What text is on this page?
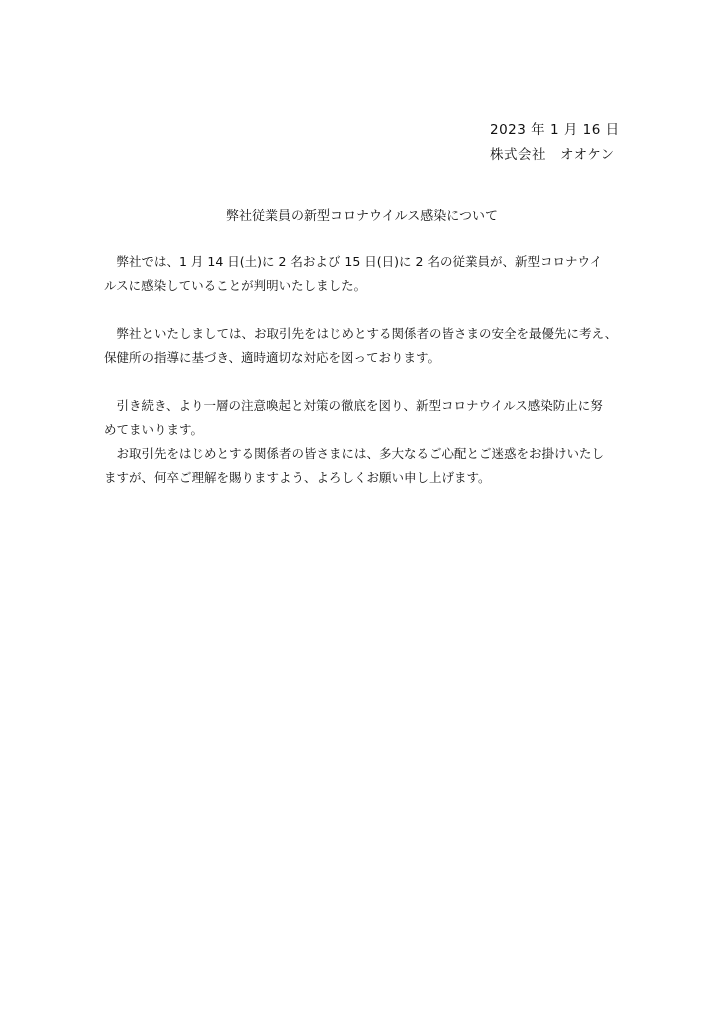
2023 年 1 月 16 日
株式会社　オオケン
弊社従業員の新型コロナウイルス感染について

　弊社では、1 月 14 日(土)に 2 名および 15 日(日)に 2 名の従業員が、新型コロナウイ
ルスに感染していることが判明いたしました。

　弊社といたしましては、お取引先をはじめとする関係者の皆さまの安全を最優先に考え、
保健所の指導に基づき、適時適切な対応を図っております。

　引き続き、より一層の注意喚起と対策の徹底を図り、新型コロナウイルス感染防止に努
めてまいります。

　お取引先をはじめとする関係者の皆さまには、多大なるご心配とご迷惑をお掛けいたし
ますが、何卒ご理解を賜りますよう、よろしくお願い申し上げます。
